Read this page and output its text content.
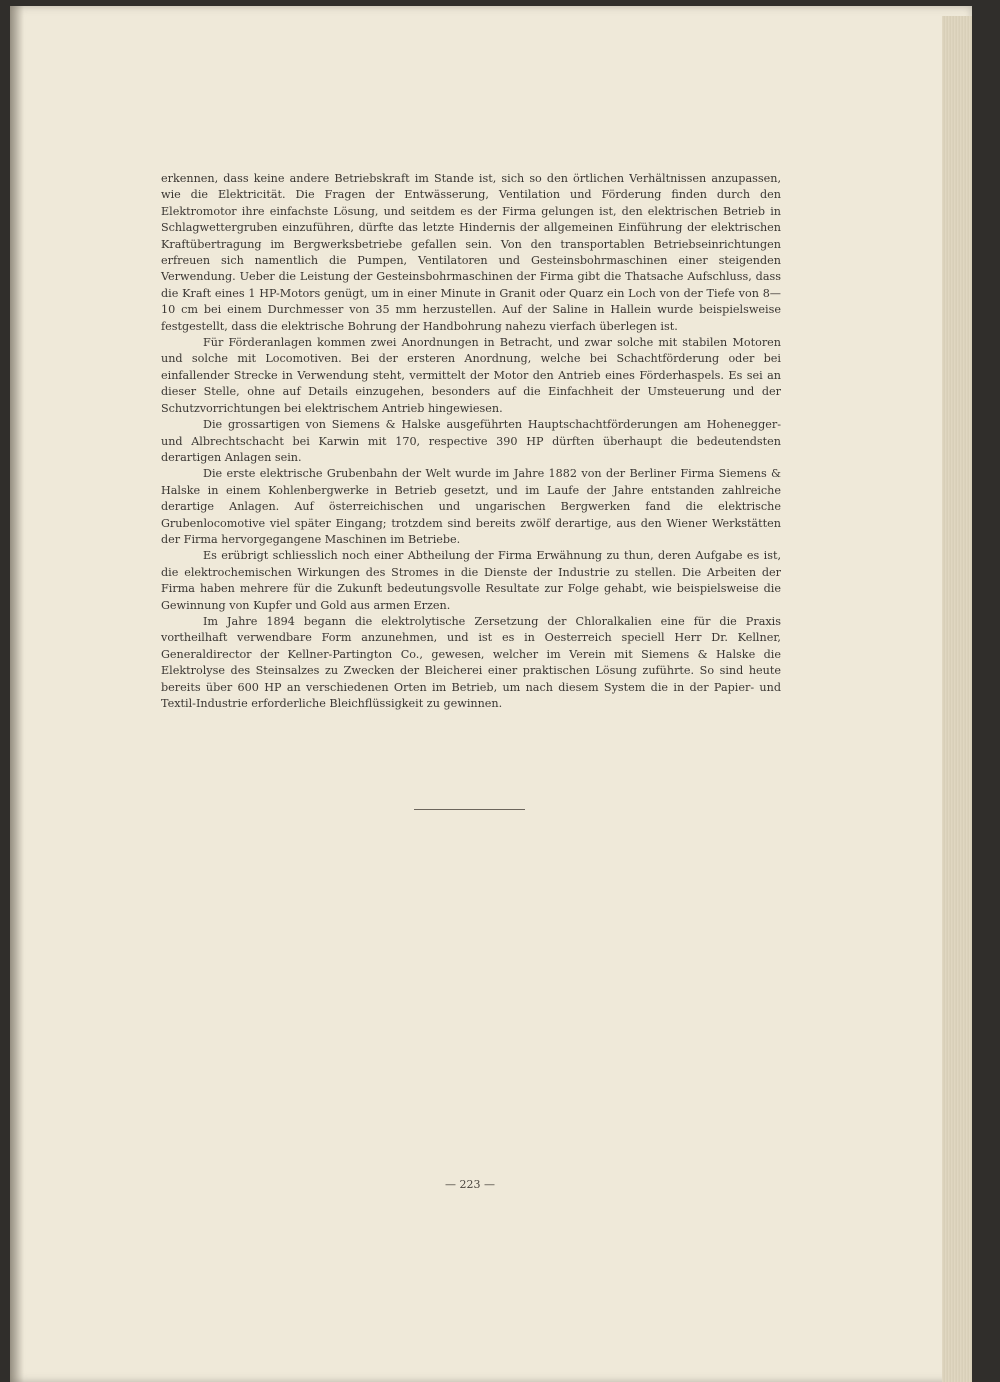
erkennen, dass keine andere Betriebskraft im Stande ist, sich so den örtlichen Verhältnissen anzupassen, wie die Elektricität. Die Fragen der Entwässerung, Ventilation und Förderung finden durch den Elektromotor ihre einfachste Lösung, und seitdem es der Firma gelungen ist, den elektrischen Betrieb in Schlagwettergruben einzuführen, dürfte das letzte Hindernis der allgemeinen Einführung der elektrischen Kraftübertragung im Bergwerksbetriebe gefallen sein. Von den transportablen Betriebseinrichtungen erfreuen sich namentlich die Pumpen, Ventilatoren und Gesteinsbohrmaschinen einer steigenden Verwendung. Ueber die Leistung der Gesteinsbohrmaschinen der Firma gibt die Thatsache Aufschluss, dass die Kraft eines 1 HP-Motors genügt, um in einer Minute in Granit oder Quarz ein Loch von der Tiefe von 8—10 cm bei einem Durchmesser von 35 mm herzustellen. Auf der Saline in Hallein wurde beispielsweise festgestellt, dass die elektrische Bohrung der Handbohrung nahezu vierfach überlegen ist.

Für Förderanlagen kommen zwei Anordnungen in Betracht, und zwar solche mit stabilen Motoren und solche mit Locomotiven. Bei der ersteren Anordnung, welche bei Schachtförderung oder bei einfallender Strecke in Verwendung steht, vermittelt der Motor den Antrieb eines Förderhaspels. Es sei an dieser Stelle, ohne auf Details einzugehen, besonders auf die Einfachheit der Umsteuerung und der Schutzvorrichtungen bei elektrischem Antrieb hingewiesen.

Die grossartigen von Siemens & Halske ausgeführten Hauptschachtförderungen am Hohenegger- und Albrechtschacht bei Karwin mit 170, respective 390 HP dürften überhaupt die bedeutendsten derartigen Anlagen sein.

Die erste elektrische Grubenbahn der Welt wurde im Jahre 1882 von der Berliner Firma Siemens & Halske in einem Kohlenbergwerke in Betrieb gesetzt, und im Laufe der Jahre entstanden zahlreiche derartige Anlagen. Auf österreichischen und ungarischen Bergwerken fand die elektrische Grubenlocomotive viel später Eingang; trotzdem sind bereits zwölf derartige, aus den Wiener Werkstätten der Firma hervorgegangene Maschinen im Betriebe.

Es erübrigt schliesslich noch einer Abtheilung der Firma Erwähnung zu thun, deren Aufgabe es ist, die elektrochemischen Wirkungen des Stromes in die Dienste der Industrie zu stellen. Die Arbeiten der Firma haben mehrere für die Zukunft bedeutungsvolle Resultate zur Folge gehabt, wie beispielsweise die Gewinnung von Kupfer und Gold aus armen Erzen.

Im Jahre 1894 begann die elektrolytische Zersetzung der Chloralkalien eine für die Praxis vortheilhaft verwendbare Form anzunehmen, und ist es in Oesterreich speciell Herr Dr. Kellner, Generaldirector der Kellner-Partington Co., gewesen, welcher im Verein mit Siemens & Halske die Elektrolyse des Steinsalzes zu Zwecken der Bleicherei einer praktischen Lösung zuführte. So sind heute bereits über 600 HP an verschiedenen Orten im Betrieb, um nach diesem System die in der Papier- und Textil-Industrie erforderliche Bleichflüssigkeit zu gewinnen.

— 223 —
